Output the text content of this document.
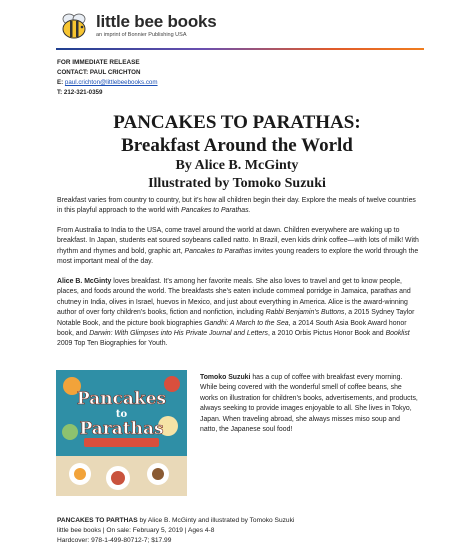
little bee books
an imprint of Bonnier Publishing USA
FOR IMMEDIATE RELEASE
CONTACT: PAUL CRICHTON
E: paul.crichton@littlebeebooks.com
T: 212-321-0359
PANCAKES TO PARATHAS:
Breakfast Around the World
By Alice B. McGinty
Illustrated by Tomoko Suzuki

Breakfast varies from country to country, but it’s how all children begin their day. Explore the meals of twelve countries in this playful approach to the world with Pancakes to Parathas.

From Australia to India to the USA, come travel around the world at dawn. Children everywhere are waking up to breakfast. In Japan, students eat soured soybeans called natto. In Brazil, even kids drink coffee—with lots of milk! With rhythm and rhymes and bold, graphic art, Pancakes to Parathas invites young readers to explore the world through the most important meal of the day.

Alice B. McGinty loves breakfast. It’s among her favorite meals. She also loves to travel and get to know people, places, and foods around the world. The breakfasts she’s eaten include cornmeal porridge in Jamaica, parathas and chutney in India, olives in Israel, huevos in Mexico, and just about everything in America. Alice is the award-winning author of over forty children’s books, fiction and nonfiction, including Rabbi Benjamin’s Buttons, a 2015 Sydney Taylor Notable Book, and the picture book biographies Gandhi: A March to the Sea, a 2014 South Asia Book Award honor book, and Darwin: With Glimpses into His Private Journal and Letters, a 2010 Orbis Pictus Honor Book and Booklist 2009 Top Ten Biographies for Youth.

Pancakes
to
Parathas

Tomoko Suzuki has a cup of coffee with breakfast every morning. While being covered with the wonderful smell of coffee beans, she works on illustration for children’s books, advertisements, and products, always seeking to provide images enjoyable to all. She lives in Tokyo, Japan. When traveling abroad, she always misses miso soup and natto, the Japanese soul food!

PANCAKES TO PARTHAS by Alice B. McGinty and illustrated by Tomoko Suzuki
little bee books | On sale: February 5, 2019 | Ages 4-8
Hardcover: 978-1-499-80712-7; $17.99
